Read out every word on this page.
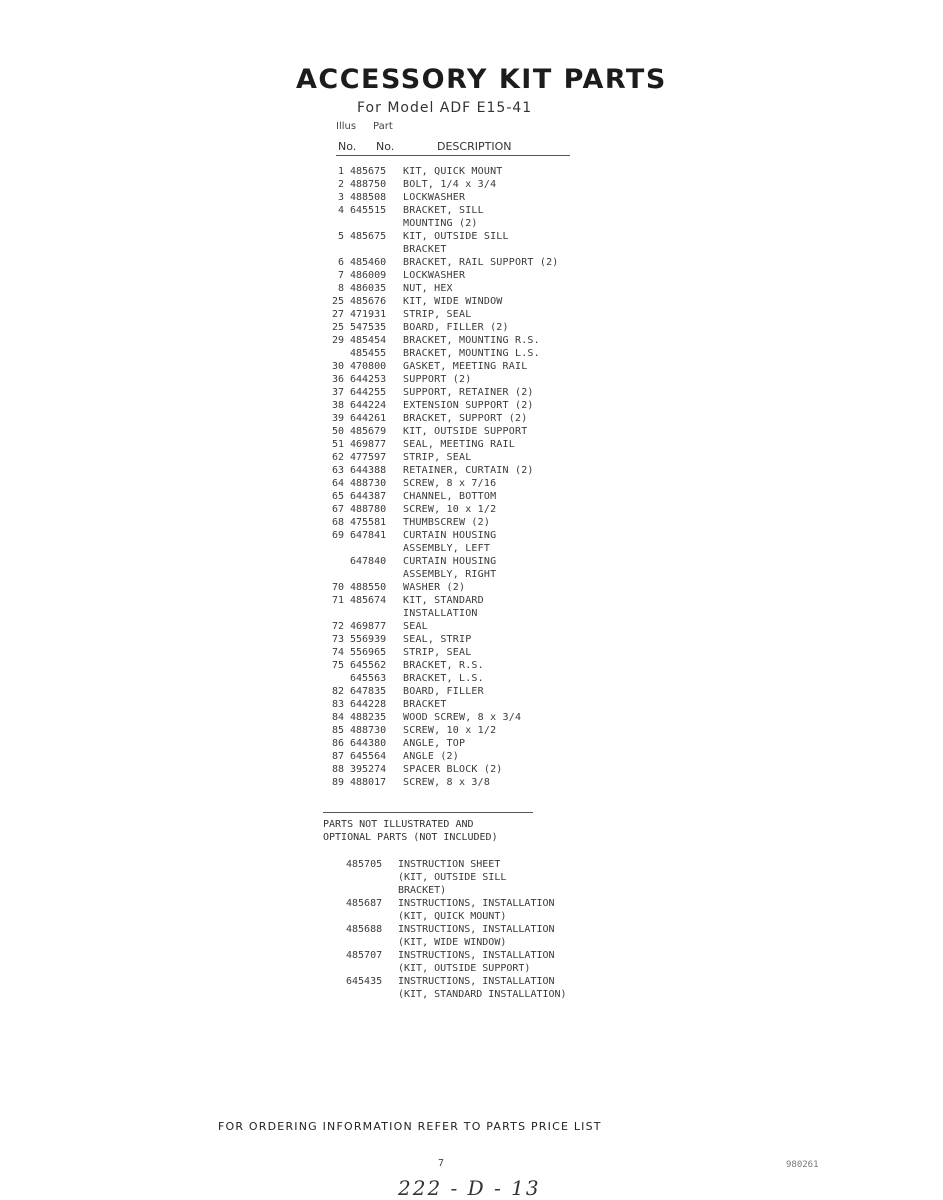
ACCESSORY KIT PARTS
For Model ADF E15-41
Illus Part
No. No.	DESCRIPTION
1 485675 KIT, QUICK MOUNT
2 488750 BOLT, 1/4 x 3/4
3 488508 LOCKWASHER
4 645515 BRACKET, SILL
MOUNTING (2)
5 485675 KIT, OUTSIDE SILL
BRACKET
6 485460 BRACKET, RAIL SUPPORT (2)
7 486009 LOCKWASHER
8 486035 NUT, HEX
25 485676 KIT, WIDE WINDOW
27 471931 STRIP, SEAL
25 547535 BOARD, FILLER (2)
29 485454 BRACKET, MOUNTING R.S.
485455 BRACKET, MOUNTING L.S.
30 470800 GASKET, MEETING RAIL
36 644253 SUPPORT (2)
37 644255 SUPPORT, RETAINER (2)
38 644224 EXTENSION SUPPORT (2)
39 644261 BRACKET, SUPPORT (2)
50 485679 KIT, OUTSIDE SUPPORT
51 469877 SEAL, MEETING RAIL
62 477597 STRIP, SEAL
63 644388 RETAINER, CURTAIN (2)
64 488730 SCREW, 8 x 7/16
65 644387 CHANNEL, BOTTOM
67 488780 SCREW, 10 x 1/2
68 475581 THUMBSCREW (2)
69 647841 CURTAIN HOUSING
ASSEMBLY, LEFT
647840 CURTAIN HOUSING
ASSEMBLY, RIGHT
70 488550 WASHER (2)
71 485674 KIT, STANDARD
INSTALLATION
72 469877 SEAL
73 556939 SEAL, STRIP
74 556965 STRIP, SEAL
75 645562 BRACKET, R.S.
645563 BRACKET, L.S.
82 647835 BOARD, FILLER
83 644228 BRACKET
84 488235 WOOD SCREW, 8 x 3/4
85 488730 SCREW, 10 x 1/2
86 644380 ANGLE, TOP
87 645564 ANGLE (2)
88 395274 SPACER BLOCK (2)
89 488017 SCREW, 8 x 3/8
PARTS NOT ILLUSTRATED AND
OPTIONAL PARTS (NOT INCLUDED)
485705 INSTRUCTION SHEET
(KIT, OUTSIDE SILL
BRACKET)
485687 INSTRUCTIONS, INSTALLATION
(KIT, QUICK MOUNT)
485688 INSTRUCTIONS, INSTALLATION
(KIT, WIDE WINDOW)
485707 INSTRUCTIONS, INSTALLATION
(KIT, OUTSIDE SUPPORT)
645435 INSTRUCTIONS, INSTALLATION
(KIT, STANDARD INSTALLATION)
FOR ORDERING INFORMATION REFER TO PARTS PRICE LIST
7	980261
222 - D - 13
